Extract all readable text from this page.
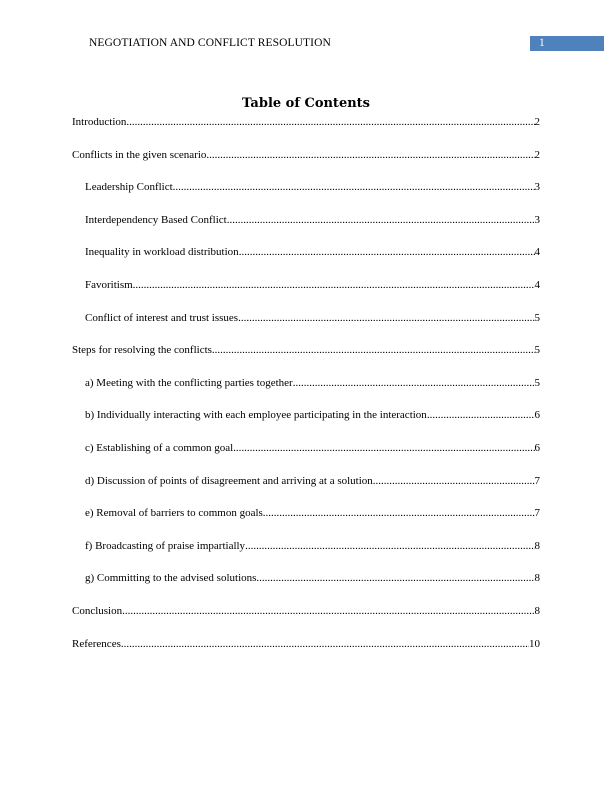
NEGOTIATION AND CONFLICT RESOLUTION	1
Table of Contents
Introduction .....	2
Conflicts in the given scenario .....	2
Leadership Conflict .....	3
Interdependency Based Conflict .....	3
Inequality in workload distribution .....	4
Favoritism .....	4
Conflict of interest and trust issues .....	5
Steps for resolving the conflicts .....	5
a) Meeting with the conflicting parties together .....	5
b) Individually interacting with each employee participating in the interaction .....	6
c) Establishing of a common goal .....	6
d) Discussion of points of disagreement and arriving at a solution .....	7
e) Removal of barriers to common goals .....	7
f) Broadcasting of praise impartially .....	8
g) Committing to the advised solutions .....	8
Conclusion .....	8
References .....	10
